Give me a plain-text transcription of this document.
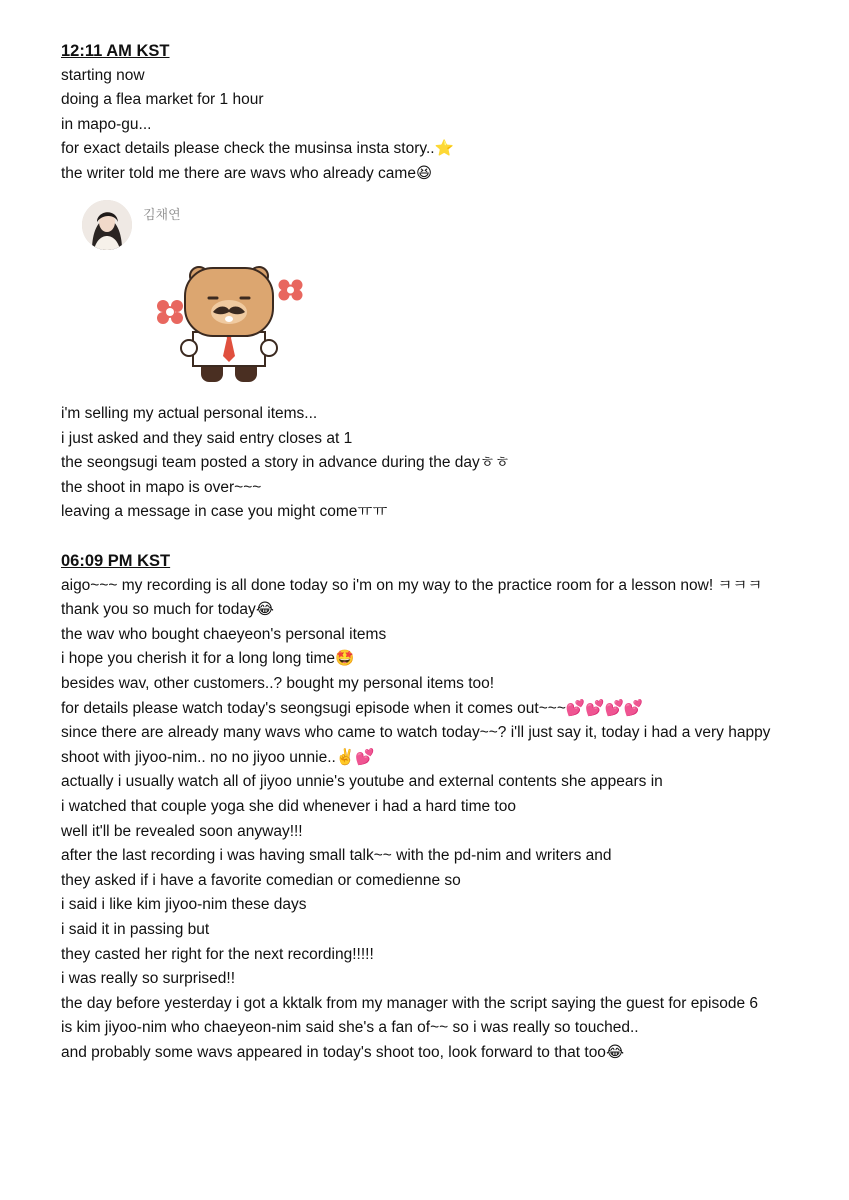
12:11 AM KST

starting now

doing a flea market for 1 hour

in mapo-gu...

for exact details please check the musinsa insta story..⭐

the writer told me there are wavs who already came😆

김채연

i'm selling my actual personal items...

i just asked and they said entry closes at 1

the seongsugi team posted a story in advance during the dayㅎㅎ

the shoot in mapo is over~~~

leaving a message in case you might comeㅠㅠ

06:09 PM KST

aigo~~~ my recording is all done today so i'm on my way to the practice room for a lesson now! ㅋㅋㅋ

thank you so much for today😂

the wav who bought chaeyeon's personal items

i hope you cherish it for a long long time🤩

besides wav, other customers..? bought my personal items too!

for details please watch today's seongsugi episode when it comes out~~~💕💕💕💕

since there are already many wavs who came to watch today~~? i'll just say it, today i had a very happy shoot with jiyoo-nim.. no no jiyoo unnie..✌️💕

actually i usually watch all of jiyoo unnie's youtube and external contents she appears in

i watched that couple yoga she did whenever i had a hard time too

well it'll be revealed soon anyway!!!

after the last recording i was having small talk~~ with the pd-nim and writers and

they asked if i have a favorite comedian or comedienne so

i said i like kim jiyoo-nim these days

i said it in passing but

they casted her right for the next recording!!!!!

i was really so surprised!!

the day before yesterday i got a kktalk from my manager with the script saying the guest for episode 6

is kim jiyoo-nim who chaeyeon-nim said she's a fan of~~ so i was really so touched..

and probably some wavs appeared in today's shoot too, look forward to that too😂
